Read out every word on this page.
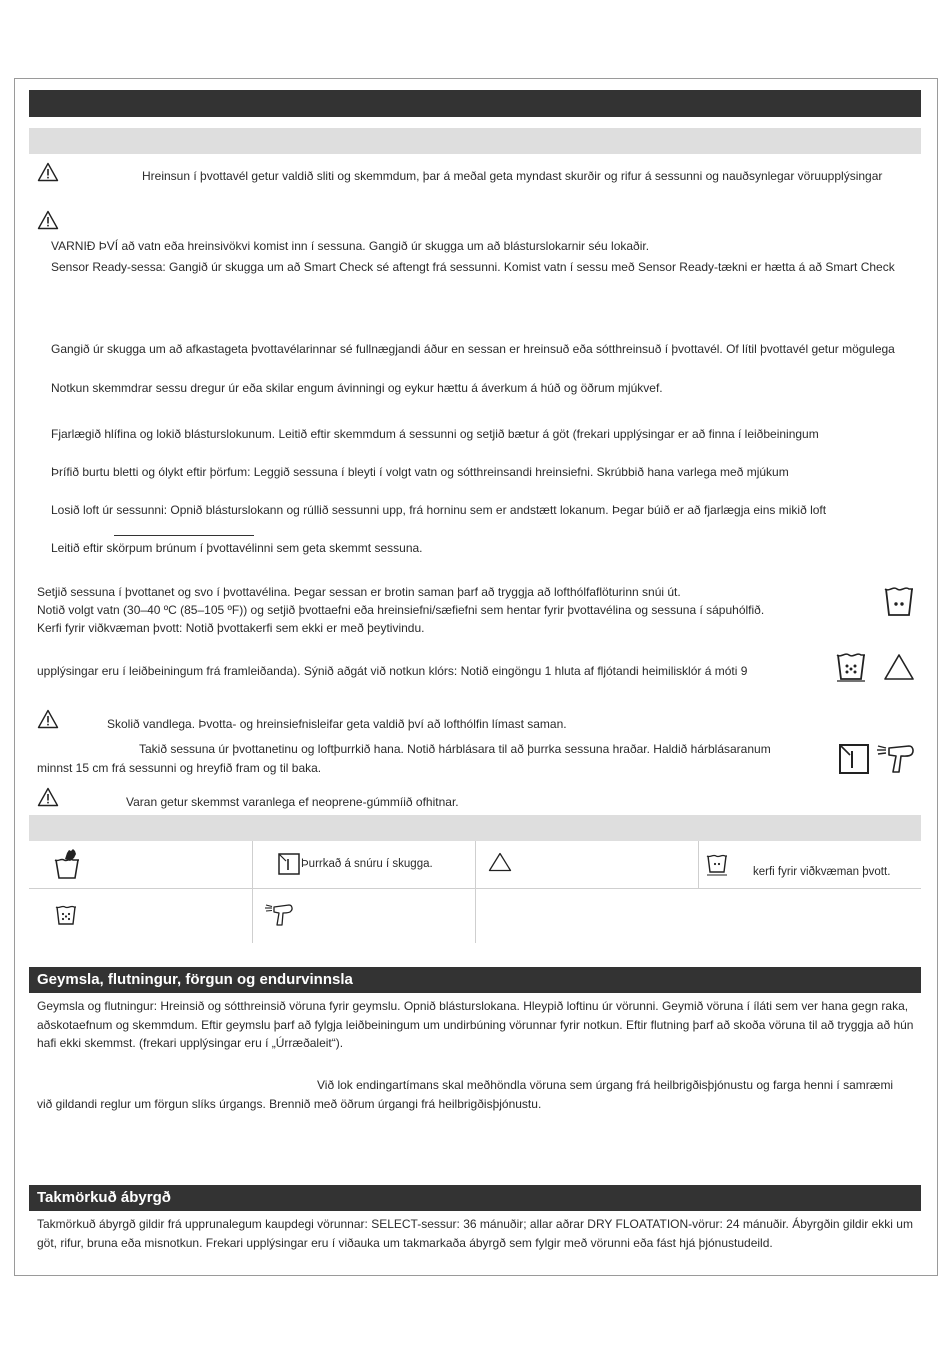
Hreinsun í þvottavél getur valdið sliti og skemmdum, þar á meðal geta myndast skurðir og rifur á sessunni og nauðsynlegar vöruupplýsingar
VARNIÐ ÞVÍ að vatn eða hreinsivökvi komist inn í sessuna. Gangið úr skugga um að blásturslokarnir séu lokaðir.
Sensor Ready-sessa: Gangið úr skugga um að Smart Check sé aftengt frá sessunni. Komist vatn í sessu með Sensor Ready-tækni er hætta á að Smart Check
Gangið úr skugga um að afkastageta þvottavélarinnar sé fullnægjandi áður en sessan er hreinsuð eða sótthreinsuð í þvottavél. Of lítil þvottavél getur mögulega
Notkun skemmdrar sessu dregur úr eða skilar engum ávinningi og eykur hættu á áverkum á húð og öðrum mjúkvef.
Fjarlægið hlífina og lokið blásturslokunum. Leitið eftir skemmdum á sessunni og setjið bætur á göt (frekari upplýsingar er að finna í leiðbeiningum
Þrífið burtu bletti og ólykt eftir þörfum: Leggið sessuna í bleyti í volgt vatn og sótthreinsandi hreinsiefni. Skrúbbið hana varlega með mjúkum
Losið loft úr sessunni: Opnið blásturslokann og rúllið sessunni upp, frá horninu sem er andstætt lokanum. Þegar búið er að fjarlægja eins mikið loft
Leitið eftir skörpum brúnum í þvottavélinni sem geta skemmt sessuna.
Setjið sessuna í þvottanet og svo í þvottavélina. Þegar sessan er brotin saman þarf að tryggja að lofthólfaflöturinn snúi út.
Notið volgt vatn (30–40 ºC (85–105 ºF)) og setjið þvottaefni eða hreinsiefni/sæfiefni sem hentar fyrir þvottavélina og sessuna í sápuhólfið.
Kerfi fyrir viðkvæman þvott: Notið þvottakerfi sem ekki er með þeytivindu.
upplýsingar eru í leiðbeiningum frá framleiðanda). Sýnið aðgát við notkun klórs: Notið eingöngu 1 hluta af fljótandi heimilisklór á móti 9
Skolið vandlega. Þvotta- og hreinsiefnisleifar geta valdið því að lofthólfin límast saman.
Takið sessuna úr þvottanetinu og loftþurrkið hana. Notið hárblásara til að þurrka sessuna hraðar. Haldið hárblásaranum
minnst 15 cm frá sessunni og hreyfið fram og til baka.
Varan getur skemmst varanlega ef neoprene-gúmmíið ofhitnar.
Þurrkað á snúru í skugga.
kerfi fyrir viðkvæman þvott.
Geymsla, flutningur, förgun og endurvinnsla
Geymsla og flutningur: Hreinsið og sótthreinsið vöruna fyrir geymslu. Opnið blásturslokana. Hleypið loftinu úr vörunni. Geymið vöruna í íláti sem ver hana gegn raka, aðskotaefnum og skemmdum. Eftir geymslu þarf að fylgja leiðbeiningum um undirbúning vörunnar fyrir notkun. Eftir flutning þarf að skoða vöruna til að tryggja að hún hafi ekki skemmst. (frekari upplýsingar eru í „Úrræðaleit“).
Við lok endingartímans skal meðhöndla vöruna sem úrgang frá heilbrigðisþjónustu og farga henni í samræmi
við gildandi reglur um förgun slíks úrgangs. Brennið með öðrum úrgangi frá heilbrigðisþjónustu.
Takmörkuð ábyrgð
Takmörkuð ábyrgð gildir frá upprunalegum kaupdegi vörunnar: SELECT-sessur: 36 mánuðir; allar aðrar DRY FLOATATION-vörur: 24 mánuðir. Ábyrgðin gildir ekki um göt, rifur, bruna eða misnotkun. Frekari upplýsingar eru í viðauka um takmarkaða ábyrgð sem fylgir með vörunni eða fást hjá þjónustudeild.
